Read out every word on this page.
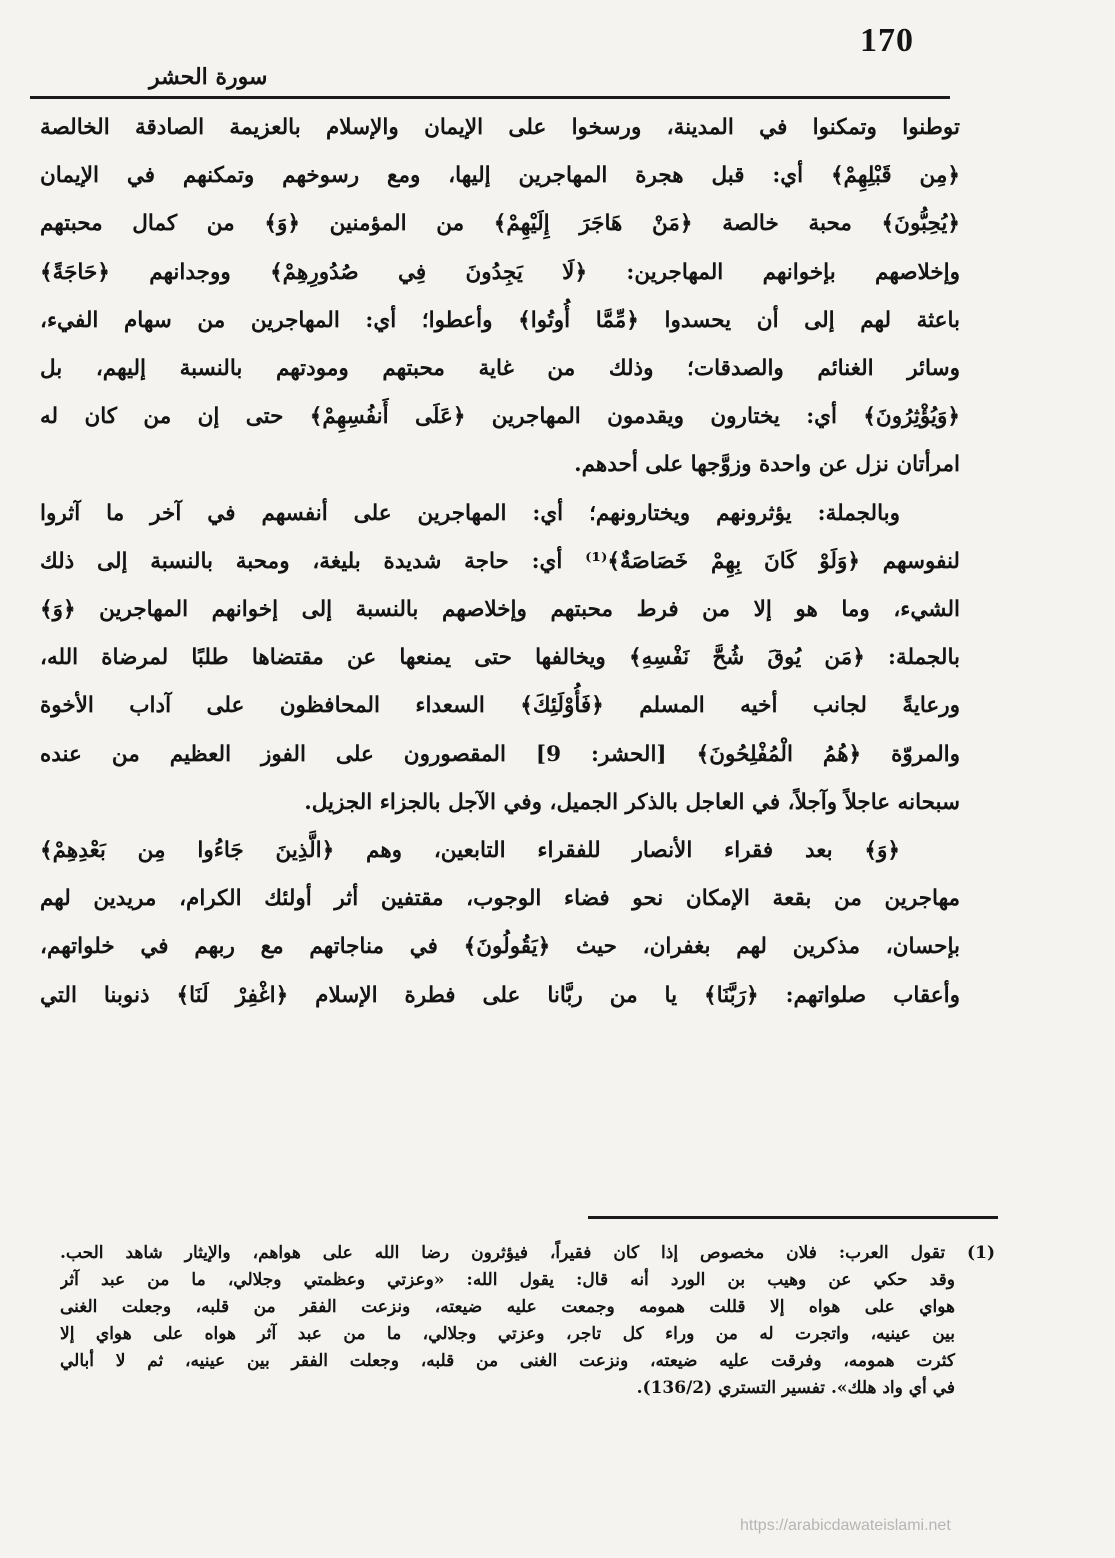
170
سورة الحشر
توطنوا وتمكنوا في المدينة، ورسخوا على الإيمان والإسلام بالعزيمة الصادقة الخالصة
﴿مِن قَبْلِهِمْ﴾ أي: قبل هجرة المهاجرين إليها، ومع رسوخهم وتمكنهم في الإيمان
﴿يُحِبُّونَ﴾ محبة خالصة ﴿مَنْ هَاجَرَ إِلَيْهِمْ﴾ من المؤمنين ﴿وَ﴾ من كمال محبتهم
وإخلاصهم بإخوانهم المهاجرين: ﴿لَا يَجِدُونَ فِي صُدُورِهِمْ﴾ ووجدانهم ﴿حَاجَةً﴾
باعثة لهم إلى أن يحسدوا ﴿مِّمَّا أُوتُوا﴾ وأعطوا؛ أي: المهاجرين من سهام الفيء،
وسائر الغنائم والصدقات؛ وذلك من غاية محبتهم ومودتهم بالنسبة إليهم، بل
﴿وَيُؤْثِرُونَ﴾ أي: يختارون ويقدمون المهاجرين ﴿عَلَى أَنفُسِهِمْ﴾ حتى إن من كان له
امرأتان نزل عن واحدة وزوَّجها على أحدهم.
وبالجملة: يؤثرونهم ويختارونهم؛ أي: المهاجرين على أنفسهم في آخر ما آثروا
لنفوسهم ﴿وَلَوْ كَانَ بِهِمْ خَصَاصَةٌ﴾⁽¹⁾ أي: حاجة شديدة بليغة، ومحبة بالنسبة إلى ذلك
الشيء، وما هو إلا من فرط محبتهم وإخلاصهم بالنسبة إلى إخوانهم المهاجرين ﴿وَ﴾
بالجملة: ﴿مَن يُوقَ شُحَّ نَفْسِهِ﴾ ويخالفها حتى يمنعها عن مقتضاها طلبًا لمرضاة الله،
ورعايةً لجانب أخيه المسلم ﴿فَأُوْلَئِكَ﴾ السعداء المحافظون على آداب الأخوة
والمروّة ﴿هُمُ الْمُفْلِحُونَ﴾ [الحشر: 9] المقصورون على الفوز العظيم من عنده
سبحانه عاجلاً وآجلاً، في العاجل بالذكر الجميل، وفي الآجل بالجزاء الجزيل.
﴿وَ﴾ بعد فقراء الأنصار للفقراء التابعين، وهم ﴿الَّذِينَ جَاءُوا مِن بَعْدِهِمْ﴾
مهاجرين من بقعة الإمكان نحو فضاء الوجوب، مقتفين أثر أولئك الكرام، مريدين لهم
بإحسان، مذكرين لهم بغفران، حيث ﴿يَقُولُونَ﴾ في مناجاتهم مع ربهم في خلواتهم،
وأعقاب صلواتهم: ﴿رَبَّنَا﴾ يا من ربَّانا على فطرة الإسلام ﴿اغْفِرْ لَنَا﴾ ذنوبنا التي
(1) تقول العرب: فلان مخصوص إذا كان فقيراً، فيؤثرون رضا الله على هواهم، والإيثار شاهد الحب.
وقد حكي عن وهيب بن الورد أنه قال: يقول الله: «وعزتي وعظمتي وجلالي، ما من عبد آثر
هواي على هواه إلا قللت همومه وجمعت عليه ضيعته، ونزعت الفقر من قلبه، وجعلت الغنى
بين عينيه، واتجرت له من وراء كل تاجر، وعزتي وجلالي، ما من عبد آثر هواه على هواي إلا
كثرت همومه، وفرقت عليه ضيعته، ونزعت الغنى من قلبه، وجعلت الفقر بين عينيه، ثم لا أبالي
في أي واد هلك». تفسير التستري (136/2).
https://arabicdawateislami.net
